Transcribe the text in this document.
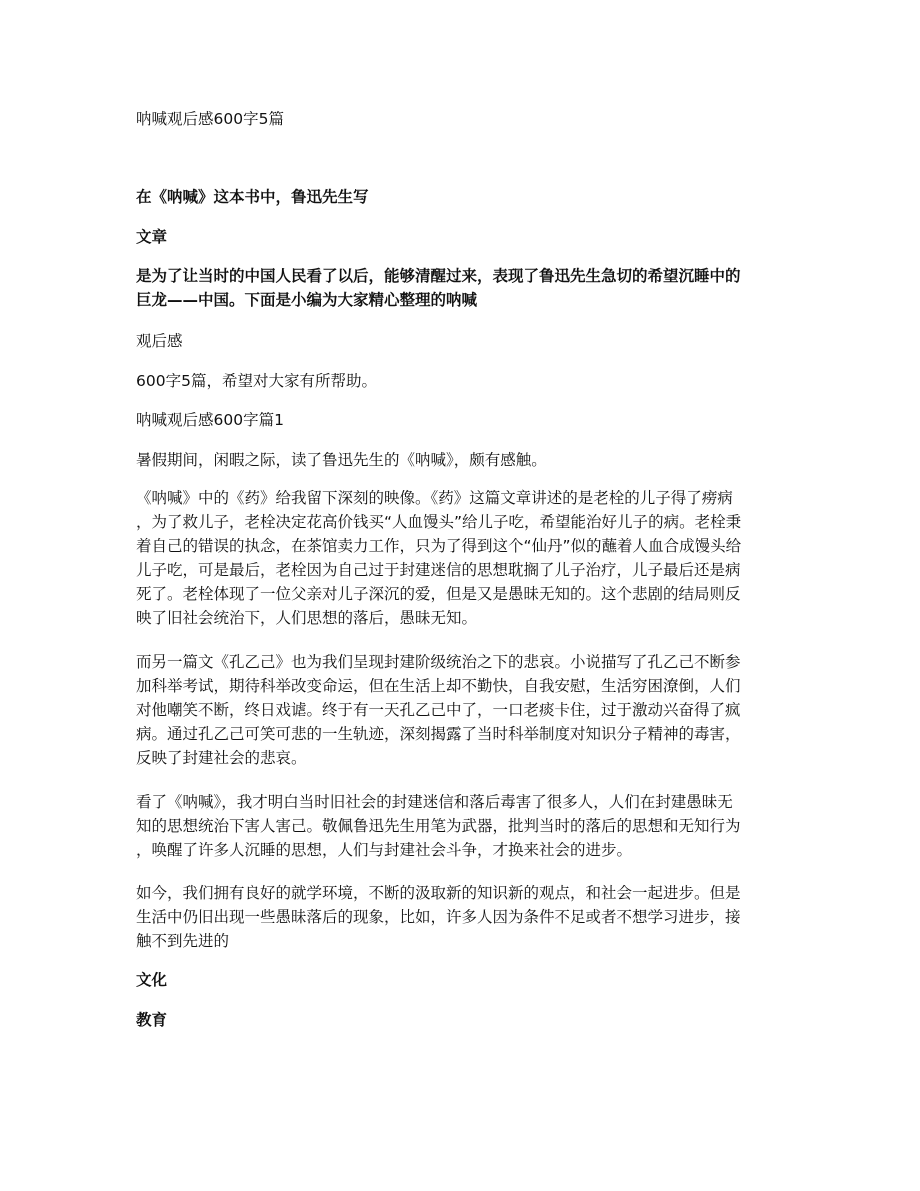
呐喊观后感600字5篇
在《呐喊》这本书中，鲁迅先生写
文章
是为了让当时的中国人民看了以后，能够清醒过来，表现了鲁迅先生急切的希望沉睡中的
巨龙——中国。下面是小编为大家精心整理的呐喊
观后感
600字5篇，希望对大家有所帮助。
呐喊观后感600字篇1
暑假期间，闲暇之际，读了鲁迅先生的《呐喊》，颇有感触。
《呐喊》中的《药》给我留下深刻的映像。《药》这篇文章讲述的是老栓的儿子得了痨病
，为了救儿子，老栓决定花高价钱买“人血馒头”给儿子吃，希望能治好儿子的病。老栓秉
着自己的错误的执念，在茶馆卖力工作，只为了得到这个“仙丹”似的蘸着人血合成馒头给
儿子吃，可是最后，老栓因为自己过于封建迷信的思想耽搁了儿子治疗，儿子最后还是病
死了。老栓体现了一位父亲对儿子深沉的爱，但是又是愚昧无知的。这个悲剧的结局则反
映了旧社会统治下，人们思想的落后，愚昧无知。
而另一篇文《孔乙己》也为我们呈现封建阶级统治之下的悲哀。小说描写了孔乙己不断参
加科举考试，期待科举改变命运，但在生活上却不勤快，自我安慰，生活穷困潦倒，人们
对他嘲笑不断，终日戏谑。终于有一天孔乙己中了，一口老痰卡住，过于激动兴奋得了疯
病。通过孔乙己可笑可悲的一生轨迹，深刻揭露了当时科举制度对知识分子精神的毒害，
反映了封建社会的悲哀。
看了《呐喊》，我才明白当时旧社会的封建迷信和落后毒害了很多人，人们在封建愚昧无
知的思想统治下害人害己。敬佩鲁迅先生用笔为武器，批判当时的落后的思想和无知行为
，唤醒了许多人沉睡的思想，人们与封建社会斗争，才换来社会的进步。
如今，我们拥有良好的就学环境，不断的汲取新的知识新的观点，和社会一起进步。但是
生活中仍旧出现一些愚昧落后的现象，比如，许多人因为条件不足或者不想学习进步，接
触不到先进的
文化
教育
